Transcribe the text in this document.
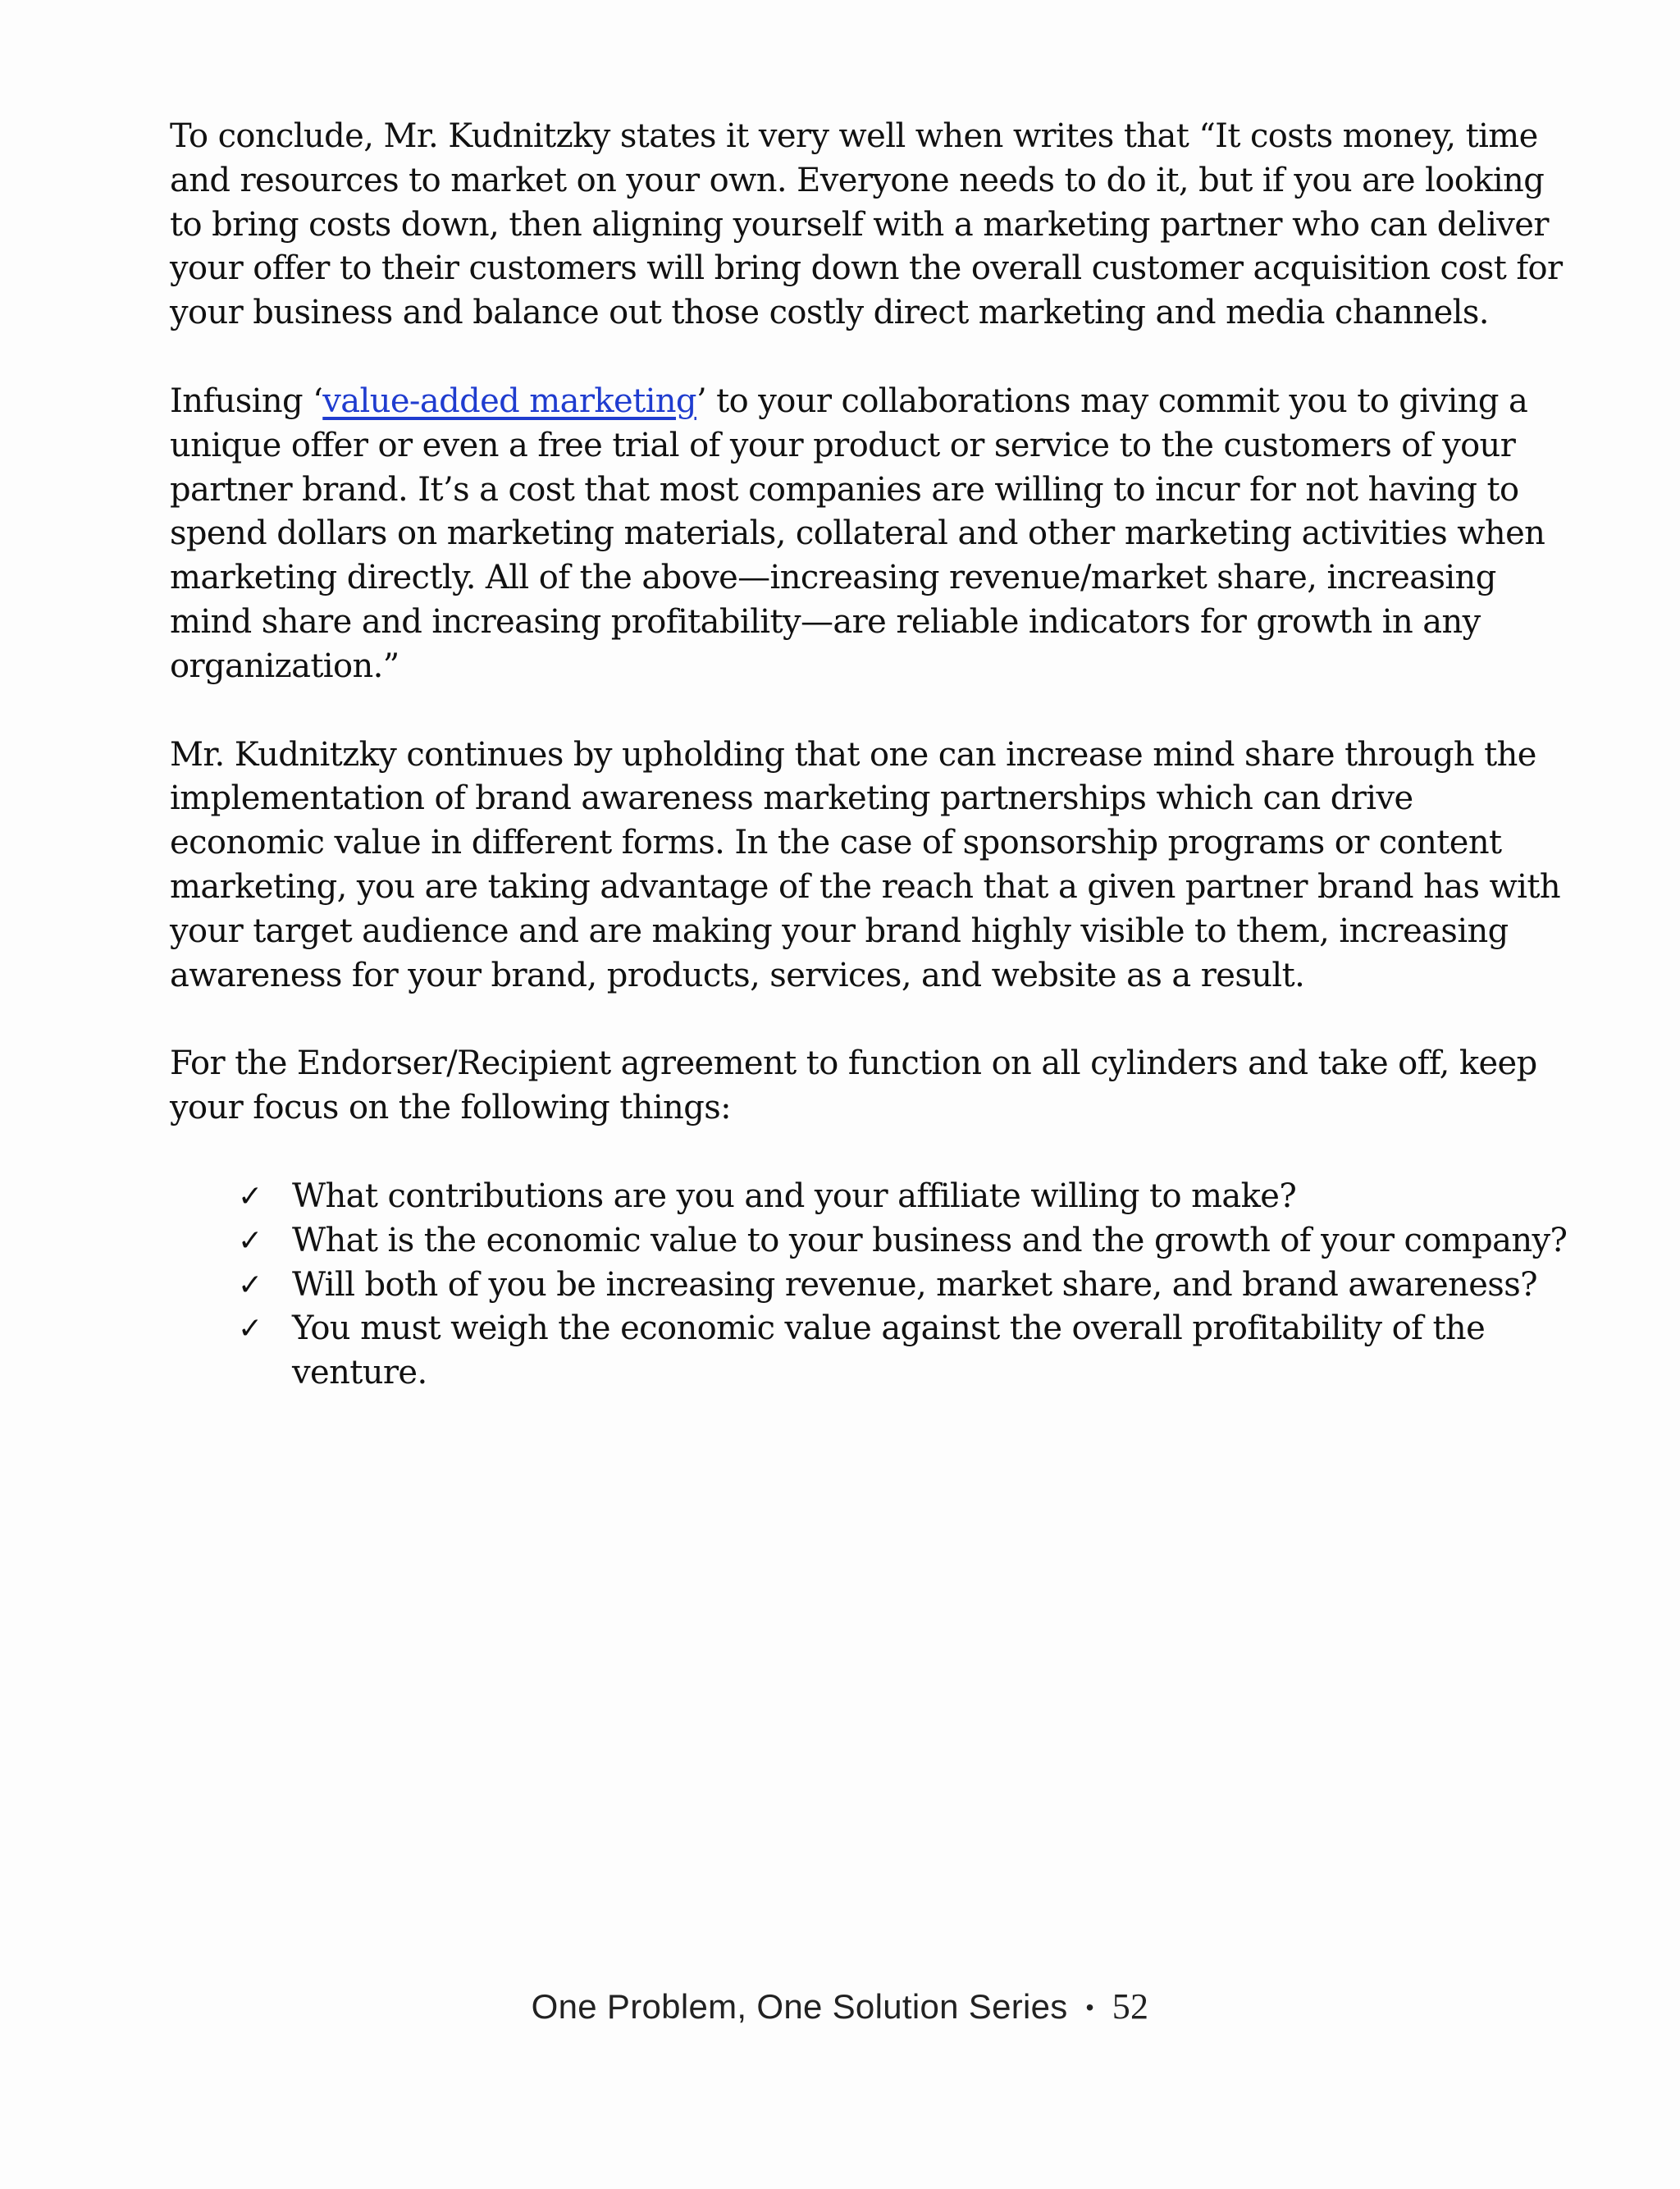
To conclude, Mr. Kudnitzky states it very well when writes that “It costs money, time and resources to market on your own. Everyone needs to do it, but if you are looking to bring costs down, then aligning yourself with a marketing partner who can deliver your offer to their customers will bring down the overall customer acquisition cost for your business and balance out those costly direct marketing and media channels.

Infusing ‘value-added marketing’ to your collaborations may commit you to giving a unique offer or even a free trial of your product or service to the customers of your partner brand. It’s a cost that most companies are willing to incur for not having to spend dollars on marketing materials, collateral and other marketing activities when marketing directly. All of the above—increasing revenue/market share, increasing mind share and increasing profitability—are reliable indicators for growth in any organization.”

Mr. Kudnitzky continues by upholding that one can increase mind share through the implementation of brand awareness marketing partnerships which can drive economic value in different forms. In the case of sponsorship programs or content marketing, you are taking advantage of the reach that a given partner brand has with your target audience and are making your brand highly visible to them, increasing awareness for your brand, products, services, and website as a result.

For the Endorser/Recipient agreement to function on all cylinders and take off, keep your focus on the following things:

✓ What contributions are you and your affiliate willing to make?
✓ What is the economic value to your business and the growth of your company?
✓ Will both of you be increasing revenue, market share, and brand awareness?
✓ You must weigh the economic value against the overall profitability of the venture.
One Problem, One Solution Series • 52
